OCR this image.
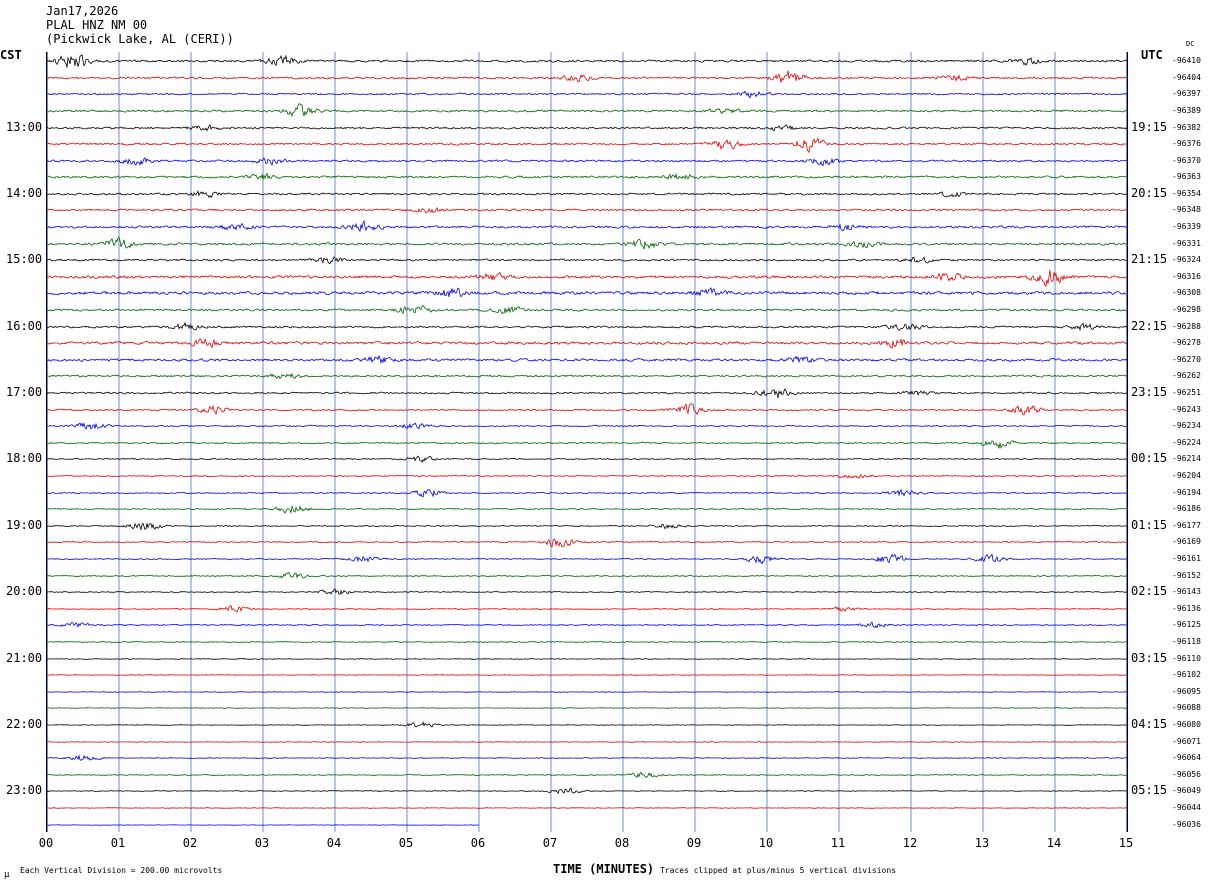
Jan17,2026
PLAL HNZ NM 00
(Pickwick Lake, AL (CERI))
CST	UTC
DC
13:00
14:00
15:00
16:00
17:00
18:00
19:00
20:00
21:00
22:00
23:00
19:15
20:15
21:15
22:15
23:15
00:15
01:15
02:15
03:15
04:15
05:15
-96410
-96404
-96397
-96389
-96382
-96376
-96370
-96363
-96354
-96348
-96339
-96331
-96324
-96316
-96308
-96298
-96288
-96278
-96270
-96262
-96251
-96243
-96234
-96224
-96214
-96204
-96194
-96186
-96177
-96169
-96161
-96152
-96143
-96136
-96125
-96118
-96110
-96102
-96095
-96088
-96080
-96071
-96064
-96056
-96049
-96044
-96036
00	01	02	03	04	05	06	07	08	09	10	11	12	13	14	15
TIME (MINUTES)
μ Each Vertical Division = 200.00 microvolts	Traces clipped at plus/minus 5 vertical divisions
